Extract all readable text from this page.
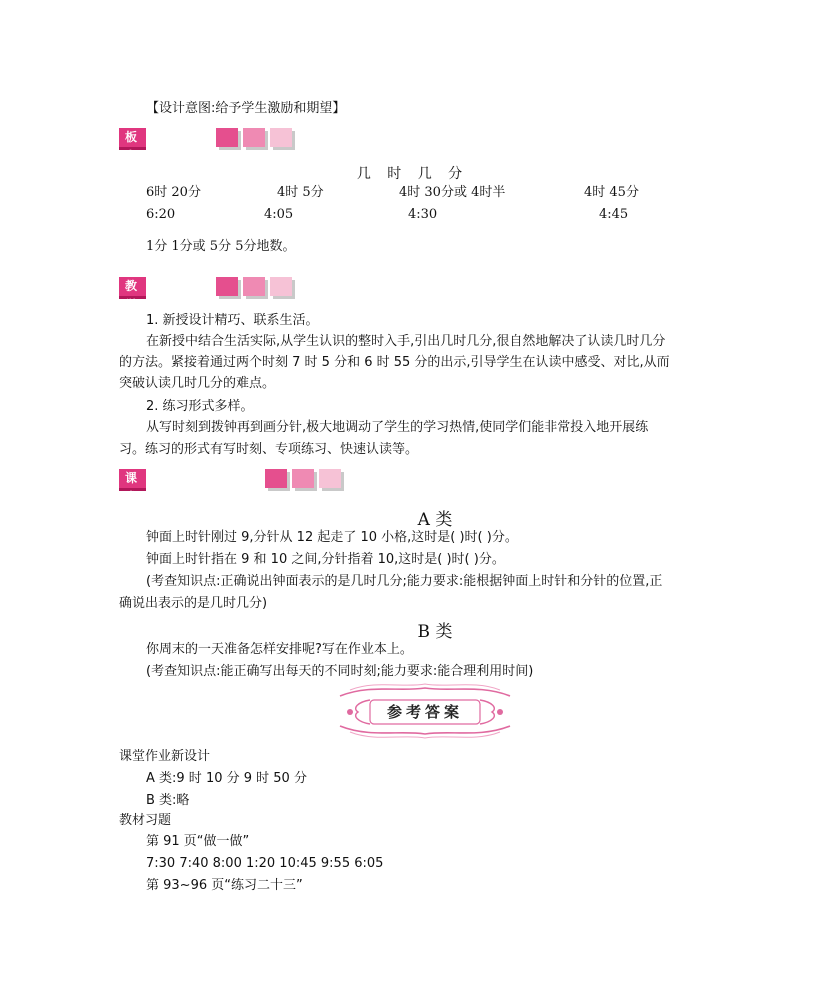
【设计意图:给予学生激励和期望】
板书设计
几 时 几 分
6时 20分	4时 5分	4时 30分或 4时半	4时 45分
6:20	4:05	4:30	4:45
1分 1分或 5分 5分地数。
教学反思
1. 新授设计精巧、联系生活。
在新授中结合生活实际,从学生认识的整时入手,引出几时几分,很自然地解决了认读几时几分
的方法。紧接着通过两个时刻 7 时 5 分和 6 时 55 分的出示,引导学生在认读中感受、对比,从而
突破认读几时几分的难点。
2. 练习形式多样。
从写时刻到拨钟再到画分针,极大地调动了学生的学习热情,使同学们能非常投入地开展练
习。练习的形式有写时刻、专项练习、快速认读等。
课堂作业新设计
A 类
钟面上时针刚过 9,分针从 12 起走了 10 小格,这时是( )时( )分。
钟面上时针指在 9 和 10 之间,分针指着 10,这时是( )时( )分。
(考查知识点:正确说出钟面表示的是几时几分;能力要求:能根据钟面上时针和分针的位置,正
确说出表示的是几时几分)
B 类
你周末的一天准备怎样安排呢?写在作业本上。
(考查知识点:能正确写出每天的不同时刻;能力要求:能合理利用时间)
参考答案
课堂作业新设计
A 类:9 时 10 分 9 时 50 分
B 类:略
教材习题
第 91 页“做一做”
7:30 7:40 8:00 1:20 10:45 9:55 6:05
第 93~96 页“练习二十三”
